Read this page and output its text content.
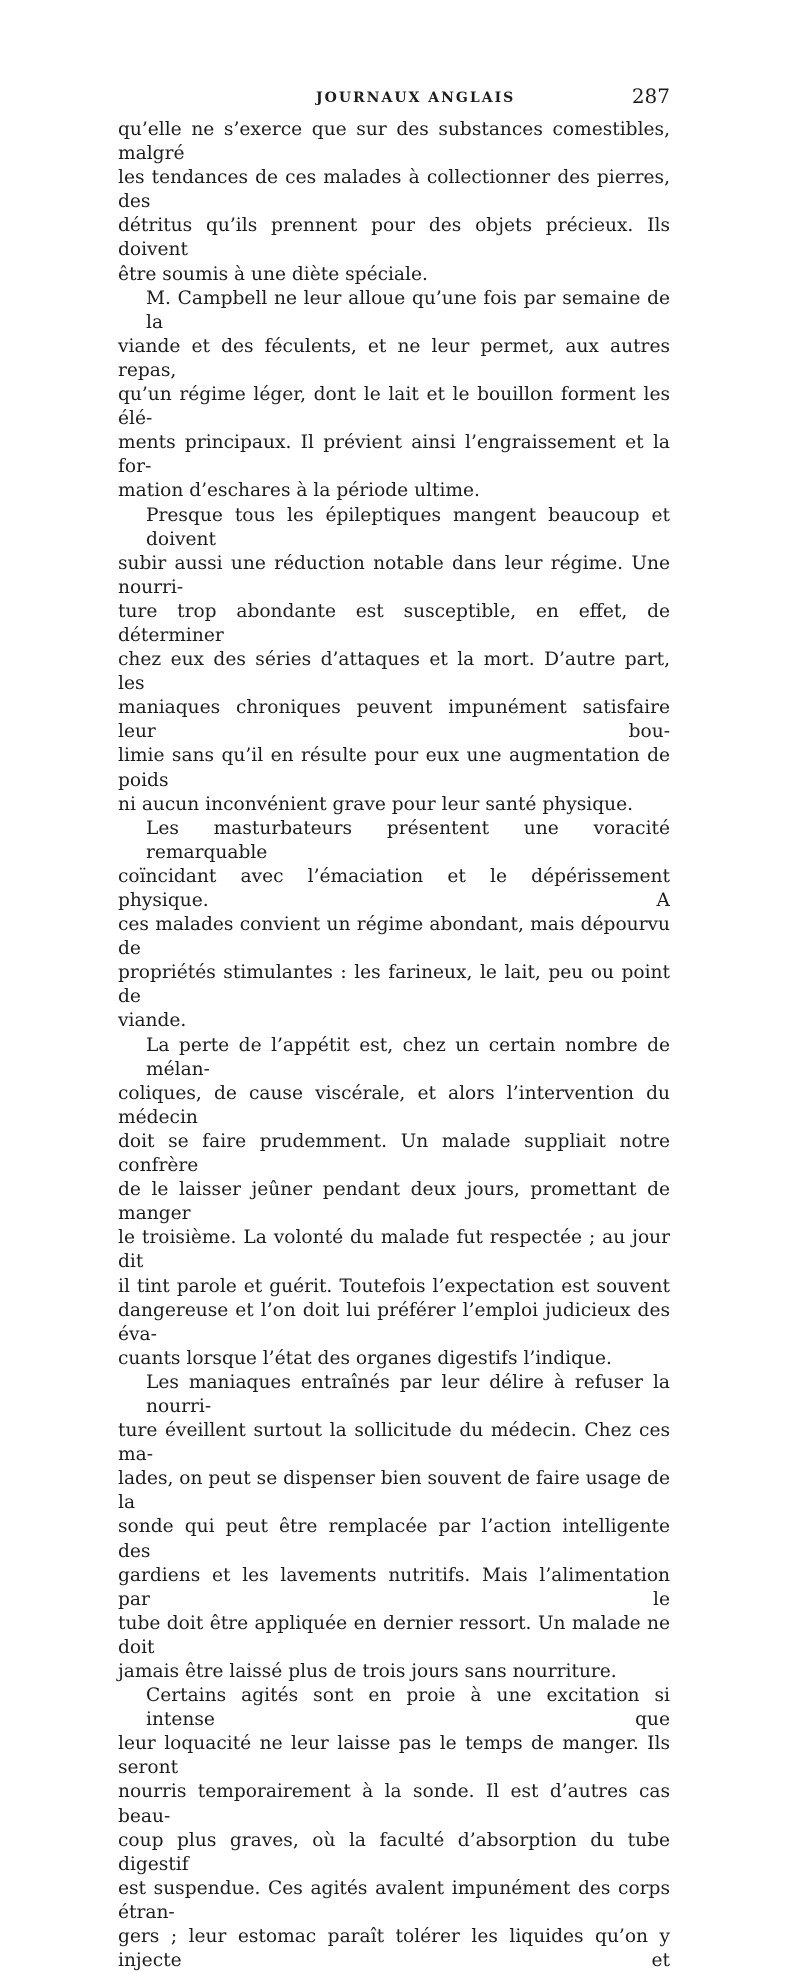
JOURNAUX ANGLAIS	287

qu’elle ne s’exerce que sur des substances comestibles, malgré
les tendances de ces malades à collectionner des pierres, des
détritus qu’ils prennent pour des objets précieux. Ils doivent
être soumis à une diète spéciale.

M. Campbell ne leur alloue qu’une fois par semaine de la
viande et des féculents, et ne leur permet, aux autres repas,
qu’un régime léger, dont le lait et le bouillon forment les élé-
ments principaux. Il prévient ainsi l’engraissement et la for-
mation d’eschares à la période ultime.

Presque tous les épileptiques mangent beaucoup et doivent
subir aussi une réduction notable dans leur régime. Une nourri-
ture trop abondante est susceptible, en effet, de déterminer
chez eux des séries d’attaques et la mort. D’autre part, les
maniaques chroniques peuvent impunément satisfaire leur bou-
limie sans qu’il en résulte pour eux une augmentation de poids
ni aucun inconvénient grave pour leur santé physique.

Les masturbateurs présentent une voracité remarquable
coïncidant avec l’émaciation et le dépérissement physique. A
ces malades convient un régime abondant, mais dépourvu de
propriétés stimulantes : les farineux, le lait, peu ou point de
viande.

La perte de l’appétit est, chez un certain nombre de mélan-
coliques, de cause viscérale, et alors l’intervention du médecin
doit se faire prudemment. Un malade suppliait notre confrère
de le laisser jeûner pendant deux jours, promettant de manger
le troisième. La volonté du malade fut respectée ; au jour dit
il tint parole et guérit. Toutefois l’expectation est souvent
dangereuse et l’on doit lui préférer l’emploi judicieux des éva-
cuants lorsque l’état des organes digestifs l’indique.

Les maniaques entraînés par leur délire à refuser la nourri-
ture éveillent surtout la sollicitude du médecin. Chez ces ma-
lades, on peut se dispenser bien souvent de faire usage de la
sonde qui peut être remplacée par l’action intelligente des
gardiens et les lavements nutritifs. Mais l’alimentation par le
tube doit être appliquée en dernier ressort. Un malade ne doit
jamais être laissé plus de trois jours sans nourriture.

Certains agités sont en proie à une excitation si intense que
leur loquacité ne leur laisse pas le temps de manger. Ils seront
nourris temporairement à la sonde. Il est d’autres cas beau-
coup plus graves, où la faculté d’absorption du tube digestif
est suspendue. Ces agités avalent impunément des corps étran-
gers ; leur estomac paraît tolérer les liquides qu’on y injecte et
